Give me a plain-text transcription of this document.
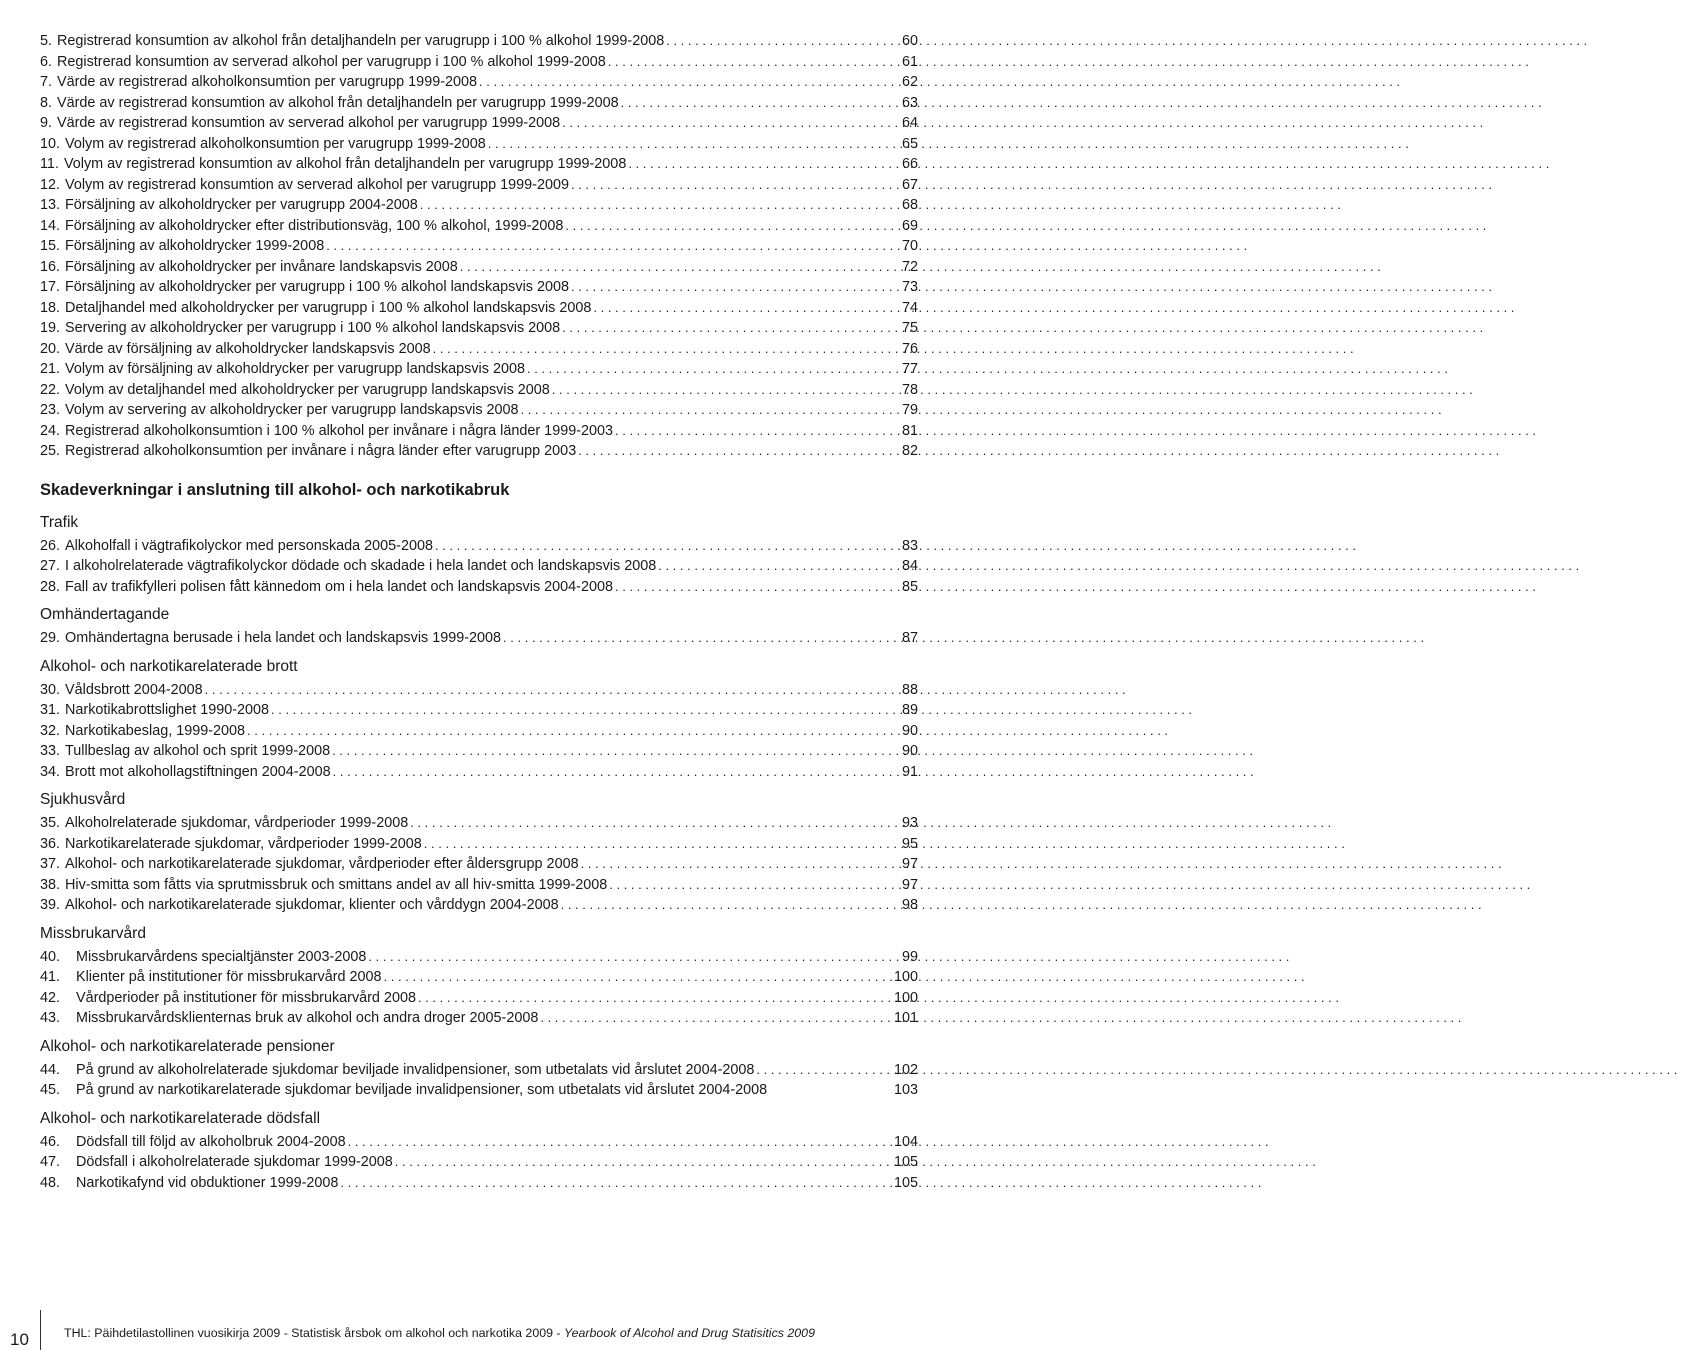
5. Registrerad konsumtion av alkohol från detaljhandeln per varugrupp i 100 % alkohol 1999-2008 . . .	60
6. Registrerad konsumtion av serverad alkohol per varugrupp i 100 % alkohol 1999-2008 . . .	61
7. Värde av registrerad alkoholkonsumtion per varugrupp 1999-2008 . . .	62
8. Värde av registrerad konsumtion av alkohol från detaljhandeln per varugrupp 1999-2008 . . .	63
9. Värde av registrerad konsumtion av serverad alkohol per varugrupp 1999-2008 . . .	64
10. Volym av registrerad alkoholkonsumtion per varugrupp 1999-2008 . . .	65
11. Volym av registrerad konsumtion av alkohol från detaljhandeln per varugrupp 1999-2008 . . .	66
12. Volym av registrerad konsumtion av serverad alkohol per varugrupp 1999-2009 . . .	67
13. Försäljning av alkoholdrycker per varugrupp 2004-2008 . . .	68
14. Försäljning av alkoholdrycker efter distributionsväg, 100 % alkohol, 1999-2008 . . .	69
15. Försäljning av alkoholdrycker 1999-2008 . . .	70
16. Försäljning av alkoholdrycker per invånare landskapsvis 2008 . . .	72
17. Försäljning av alkoholdrycker per varugrupp i 100 % alkohol landskapsvis 2008 . . .	73
18. Detaljhandel med alkoholdrycker per varugrupp i 100 % alkohol landskapsvis 2008 . . .	74
19. Servering av alkoholdrycker per varugrupp i 100 % alkohol landskapsvis 2008 . . .	75
20. Värde av försäljning av alkoholdrycker landskapsvis 2008 . . .	76
21. Volym av försäljning av alkoholdrycker per varugrupp landskapsvis 2008 . . .	77
22. Volym av detaljhandel med alkoholdrycker per varugrupp landskapsvis 2008 . . .	78
23. Volym av servering av alkoholdrycker per varugrupp landskapsvis 2008 . . .	79
24. Registrerad alkoholkonsumtion i 100 % alkohol per invånare i några länder 1999-2003 . . .	81
25. Registrerad alkoholkonsumtion per invånare i några länder efter varugrupp 2003 . . .	82
Skadeverkningar i anslutning till alkohol- och narkotikabruk
Trafik
26. Alkoholfall i vägtrafikolyckor med personskada 2005-2008 . . .	83
27. I alkoholrelaterade vägtrafikolyckor dödade och skadade i hela landet och landskapsvis 2008 . . .	84
28. Fall av trafikfylleri polisen fått kännedom om i hela landet och landskapsvis 2004-2008 . . .	85
Omhändertagande
29. Omhändertagna berusade i hela landet och landskapsvis 1999-2008 . . .	87
Alkohol- och narkotikarelaterade brott
30. Våldsbrott 2004-2008 . . .	88
31. Narkotikabrottslighet 1990-2008 . . .	89
32. Narkotikabeslag, 1999-2008 . . .	90
33. Tullbeslag av alkohol och sprit 1999-2008 . . .	90
34. Brott mot alkohollagstiftningen 2004-2008 . . .	91
Sjukhusvård
35. Alkoholrelaterade sjukdomar, vårdperioder 1999-2008 . . .	93
36. Narkotikarelaterade sjukdomar, vårdperioder 1999-2008 . . .	95
37. Alkohol- och narkotikarelaterade sjukdomar, vårdperioder efter åldersgrupp 2008 . . .	97
38. Hiv-smitta som fåtts via sprutmissbruk och smittans andel av all hiv-smitta 1999-2008 . . .	97
39. Alkohol- och narkotikarelaterade sjukdomar, klienter och vårddygn 2004-2008 . . .	98
Missbrukarvård
40.	Missbrukarvårdens specialtjänster 2003-2008 . . .	99
41.	Klienter på institutioner för missbrukarvård 2008 . . .	100
42.	Vårdperioder på institutioner för missbrukarvård 2008 . . .	100
43.	Missbrukarvårdsklienternas bruk av alkohol och andra droger 2005-2008 . . .	101
Alkohol- och narkotikarelaterade pensioner
44.	På grund av alkoholrelaterade sjukdomar beviljade invalidpensioner, som utbetalats vid årslutet 2004-2008 . . .	102
45.	På grund av narkotikarelaterade sjukdomar beviljade invalidpensioner, som utbetalats vid årslutet 2004-2008	103
Alkohol- och narkotikarelaterade dödsfall
46.	Dödsfall till följd av alkoholbruk 2004-2008 . . .	104
47.	Dödsfall i alkoholrelaterade sjukdomar 1999-2008 . . .	105
48.	Narkotikafynd vid obduktioner 1999-2008 . . .	105
10	THL: Päihdetilastollinen vuosikirja 2009 - Statistisk årsbok om alkohol och narkotika 2009 - Yearbook of Alcohol and Drug Statisitics 2009
